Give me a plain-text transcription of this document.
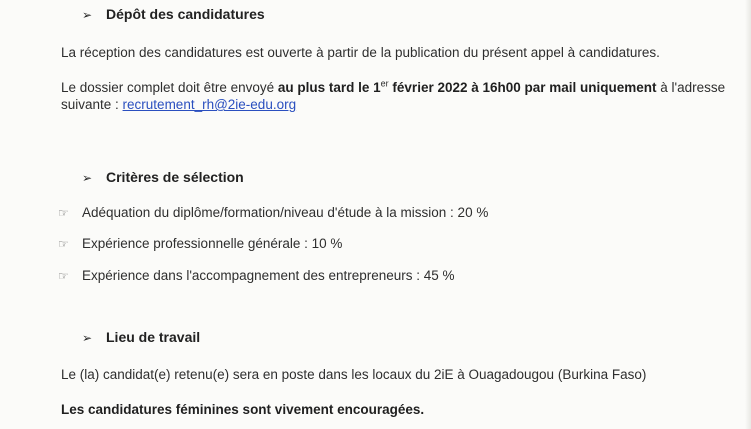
➢ Dépôt des candidatures
La réception des candidatures est ouverte à partir de la publication du présent appel à candidatures.
Le dossier complet doit être envoyé au plus tard le 1er février 2022 à 16h00 par mail uniquement à l'adresse
suivante : recrutement_rh@2ie-edu.org
➢ Critères de sélection
☞ Adéquation du diplôme/formation/niveau d'étude à la mission : 20 %
☞ Expérience professionnelle générale : 10 %
☞ Expérience dans l'accompagnement des entrepreneurs : 45 %
➢ Lieu de travail
Le (la) candidat(e) retenu(e) sera en poste dans les locaux du 2iE à Ouagadougou (Burkina Faso)
Les candidatures féminines sont vivement encouragées.
